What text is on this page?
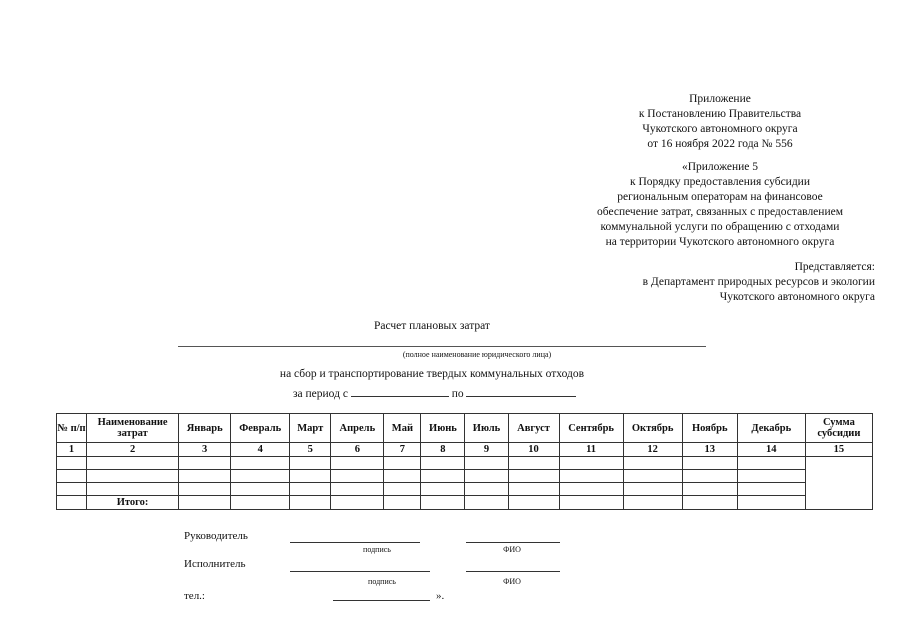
Приложение
к Постановлению Правительства
Чукотского автономного округа
от 16 ноября 2022 года № 556
«Приложение 5
к Порядку предоставления субсидии
региональным операторам на финансовое
обеспечение затрат, связанных с предоставлением
коммунальной услуги по обращению с отходами
на территории Чукотского автономного округа
Представляется:
в Департамент природных ресурсов и экологии
Чукотского автономного округа
Расчет плановых затрат
(полное наименование юридического лица)
на сбор и транспортирование твердых коммунальных отходов
за период с	по
№ п/п	Наименование затрат	Январь	Февраль	Март	Апрель	Май	Июнь	Июль	Август	Сентябрь	Октябрь	Ноябрь	Декабрь	Сумма субсидии
1	2	3	4	5	6	7	8	9	10	11	12	13	14	15

	Итого:													
Руководитель
подпись	ФИО
Исполнитель
подпись	ФИО
тел.:	».
